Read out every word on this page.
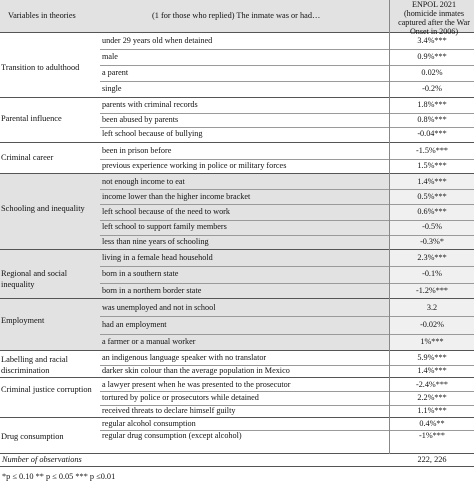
Variables in theories	(1 for those who replied) The inmate was or had…
ENPOL 2021
(homicide inmates
captured after the War
Onset in 2006)
Transition to adulthood
under 29 years old when detained	3.4%***
male	0.9%***
a parent	0.02%
single	-0.2%
Parental influence
parents with criminal records	1.8%***
been abused by parents	0.8%***
left school because of bullying	-0.04***
Criminal career
been in prison before	-1.5%***
previous experience working in police or military forces	1.5%***
Schooling and inequality
not enough income to eat	1.4%***
income lower than the higher income bracket	0.5%***
left school because of the need to work	0.6%***
left school to support family members	-0.5%
less than nine years of schooling	-0.3%*
Regional and social inequality
living in a female head household	2.3%***
born in a southern state	-0.1%
born in a northern border state	-1.2%***
Employment
was unemployed and not in school	3.2
had an employment	-0.02%
a farmer or a manual worker	1%***
Labelling and racial discrimination
an indigenous language speaker with no translator	5.9%***
darker skin colour than the average population in Mexico	1.4%***
Criminal justice corruption
a lawyer present when he was presented to the prosecutor	-2.4%***
tortured by police or prosecutors while detained	2.2%***
received threats to declare himself guilty	1.1%***
Drug consumption
regular alcohol consumption	0.4%**
regular drug consumption (except alcohol)	-1%***
Number of observations	222, 226
*p ≤ 0.10 ** p ≤ 0.05 *** p ≤0.01
